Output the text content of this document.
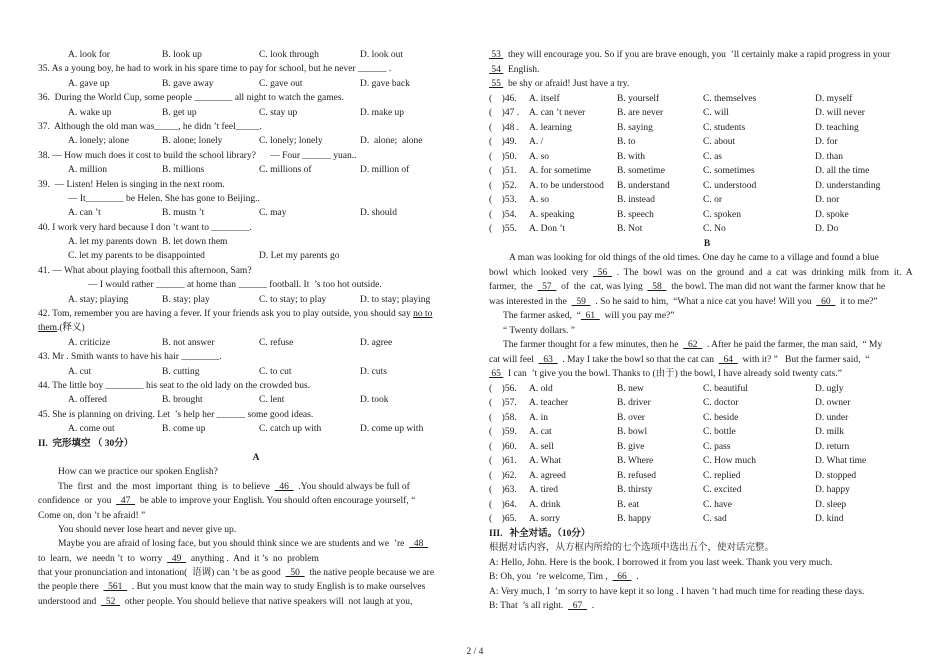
A. look for	B. look up	C. look through	D. look out
35. As a young boy, he had to work in his spare time to pay for school, but he never ______ .
A. gave up	B. gave away	C. gave out	D. gave back
36.  During the World Cup, some people ________ all night to watch the games.
A. wake up	B. get up	C. stay up	D. make up
37.  Although the old man was_____, he didn ’t feel_____.
A. lonely; alone	B. alone; lonely	C. lonely; lonely	D.  alone;  alone
38. — How much does it cost to build the school library?      — Four ______ yuan..
A. million	B. millions	C. millions of	D. million of
39.  — Listen! Helen is singing in the next room.
— It________ be Helen. She has gone to Beijing..
A. can ’t	B. mustn ’t	C. may	D. should
40. I work very hard because I don ’t want to ________.
A. let my parents down B. let down them
C. let my parents to be disappointed	D. Let my parents go
41. — What about playing football this afternoon, Sam?
— I would rather ______ at home than ______ football. It  ’s too hot outside.
A. stay; playing	B. stay; play	C. to stay; to play	D. to stay; playing
42. Tom, remember you are having a fever. If your friends ask you to play outside, you should say no to
them.(释义)
A. criticize	B. not answer	C. refuse	D. agree
43. Mr . Smith wants to have his hair ________.
A. cut	B. cutting	C. to cut	D. cuts
44. The little boy ________ his seat to the old lady on the crowded bus.
A. offered	B. brought	C. lent	D. took
45. She is planning on driving. Let  ’s help her ______ some good ideas.
A. come out	B. come up	C. catch up with	D. come up with
II.  完形填空 （ 30分）
A
How can we practice our spoken English?
The  first  and  the  most  important  thing  is  to believe    46    .You should always be full of
confidence  or  you    47    be able to improve your English. You should often encourage yourself, “
Come on, don ’t be afraid! ”
You should never lose heart and never give up.
Maybe you are afraid of losing face, but you should think since we are students and we  ’re    48
to  learn,  we  needn ’t  to  worry    49    anything .  And  it ’s  no  problem
that your pronunciation and intonation(  语调) can ’t be as good    50    the native people because we are
the people there    561    . But you must know that the main way to study English is to make ourselves
understood and    52    other people. You should believe that native speakers will  not laugh at you,
53   they will encourage you. So if you are brave enough, you  ’ll certainly make a rapid progress in your
54   English.
55   be shy or afraid! Just have a try.
(    )46.	A. itself	B. yourself	C. themselves	D. myself
(    )47 .	A. can ’t never	B. are never	C. will	D. will never
(    )48 .	A. learning	B. saying	C. students	D. teaching
(    )49.	A. /	B. to	C. about	D. for
(    )50.	A. so	B. with	C. as	D. than
(    )51.	A. for sometime	B. sometime	C. sometimes	D. all the time
(    )52.	A. to be understood	B. understand	C. understood	D. understanding
(    )53.	A. so	B. instead	C. or	D. nor
(    )54.	A. speaking	B. speech	C. spoken	D. spoke
(    )55.	A. Don ’t	B. Not	C. No	D. Do
B
A man was looking for old things of the old times. One day he came to a village and found a blue
bowl  which  looked  very    56    .  The  bowl  was  on  the  ground  and  a  cat  was  drinking  milk  from  it.  A
farmer,  the    57    of  the  cat, was lying    58    the bowl. The man did not want the farmer know that he
was interested in the    59    . So he said to him,  “What a nice cat you have! Will you    60    it to me?”
The farmer asked,  “  61    will you pay me?”
“ Twenty dollars. ”
The farmer thought for a few minutes, then he    62    . After he paid the farmer, the man said,  “ My
cat will feel    63    . May I take the bowl so that the cat can    64    with it? ”   But the farmer said,  “
65   I can  ’t give you the bowl. Thanks to (由于) the bowl, I have already sold twenty cats.”
(    )56.	A. old	B. new	C. beautiful	D. ugly
(    )57.	A. teacher	B. driver	C. doctor	D. owner
(    )58.	A. in	B. over	C. beside	D. under
(    )59.	A. cat	B. bowl	C. bottle	D. milk
(    )60.	A. sell	B. give	C. pass	D. return
(    )61.	A. What	B. Where	C. How much	D. What time
(    )62.	A. agreed	B. refused	C. replied	D. stopped
(    )63.	A. tired	B. thirsty	C. excited	D. happy
(    )64.	A. drink	B. eat	C. have	D. sleep
(    )65.	A. sorry	B. happy	C. sad	D. kind
III.   补全对话。（10分）
根据对话内容，从方框内所给的七个选项中选出五个，使对话完整。
A: Hello, John. Here is the book. I borrowed it from you last week. Thank you very much.
B: Oh, you  ’re welcome, Tim ,    66    .
A: Very much, I  ’m sorry to have kept it so long . I haven ’t had much time for reading these days.
B: That  ’s all right.    67    .
2 / 4
